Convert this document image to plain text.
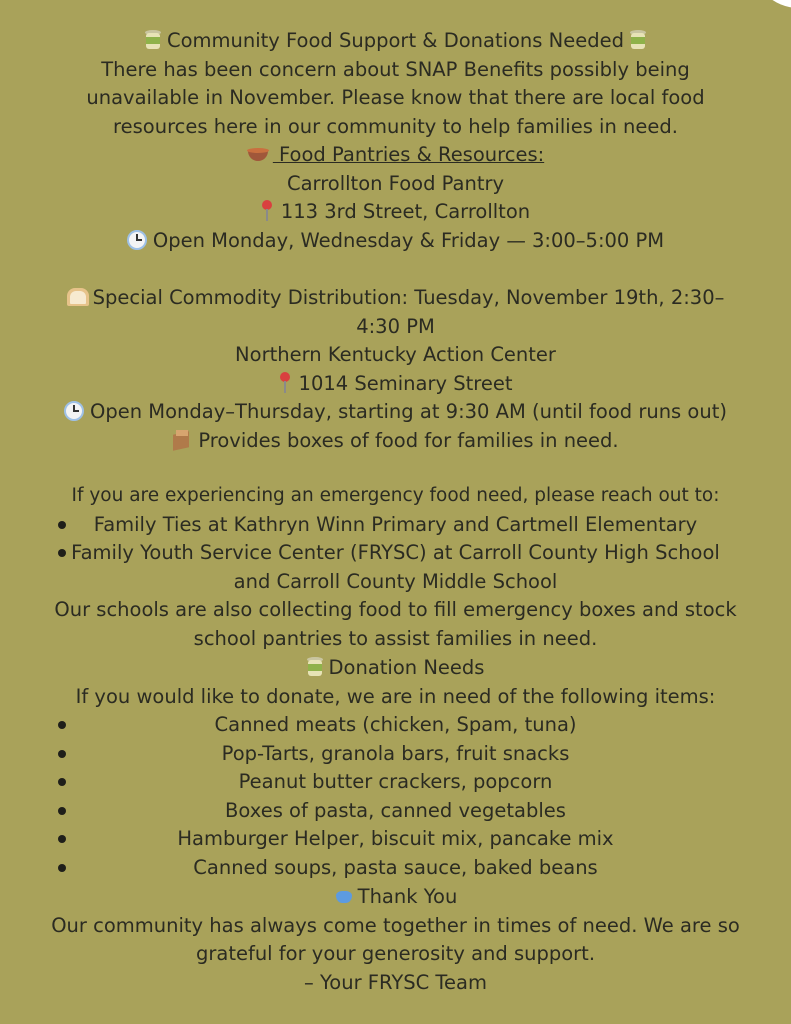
Community Food Support & Donations Needed
There has been concern about SNAP Benefits possibly being
unavailable in November. Please know that there are local food
resources here in our community to help families in need.
Food Pantries & Resources:
Carrollton Food Pantry
113 3rd Street, Carrollton
Open Monday, Wednesday & Friday — 3:00–5:00 PM
Special Commodity Distribution: Tuesday, November 19th, 2:30–
4:30 PM
Northern Kentucky Action Center
1014 Seminary Street
Open Monday–Thursday, starting at 9:30 AM (until food runs out)
Provides boxes of food for families in need.
If you are experiencing an emergency food need, please reach out to:
Family Ties at Kathryn Winn Primary and Cartmell Elementary
Family Youth Service Center (FRYSC) at Carroll County High School
and Carroll County Middle School
Our schools are also collecting food to fill emergency boxes and stock
school pantries to assist families in need.
Donation Needs
If you would like to donate, we are in need of the following items:
Canned meats (chicken, Spam, tuna)
Pop-Tarts, granola bars, fruit snacks
Peanut butter crackers, popcorn
Boxes of pasta, canned vegetables
Hamburger Helper, biscuit mix, pancake mix
Canned soups, pasta sauce, baked beans
Thank You
Our community has always come together in times of need. We are so
grateful for your generosity and support.
– Your FRYSC Team
